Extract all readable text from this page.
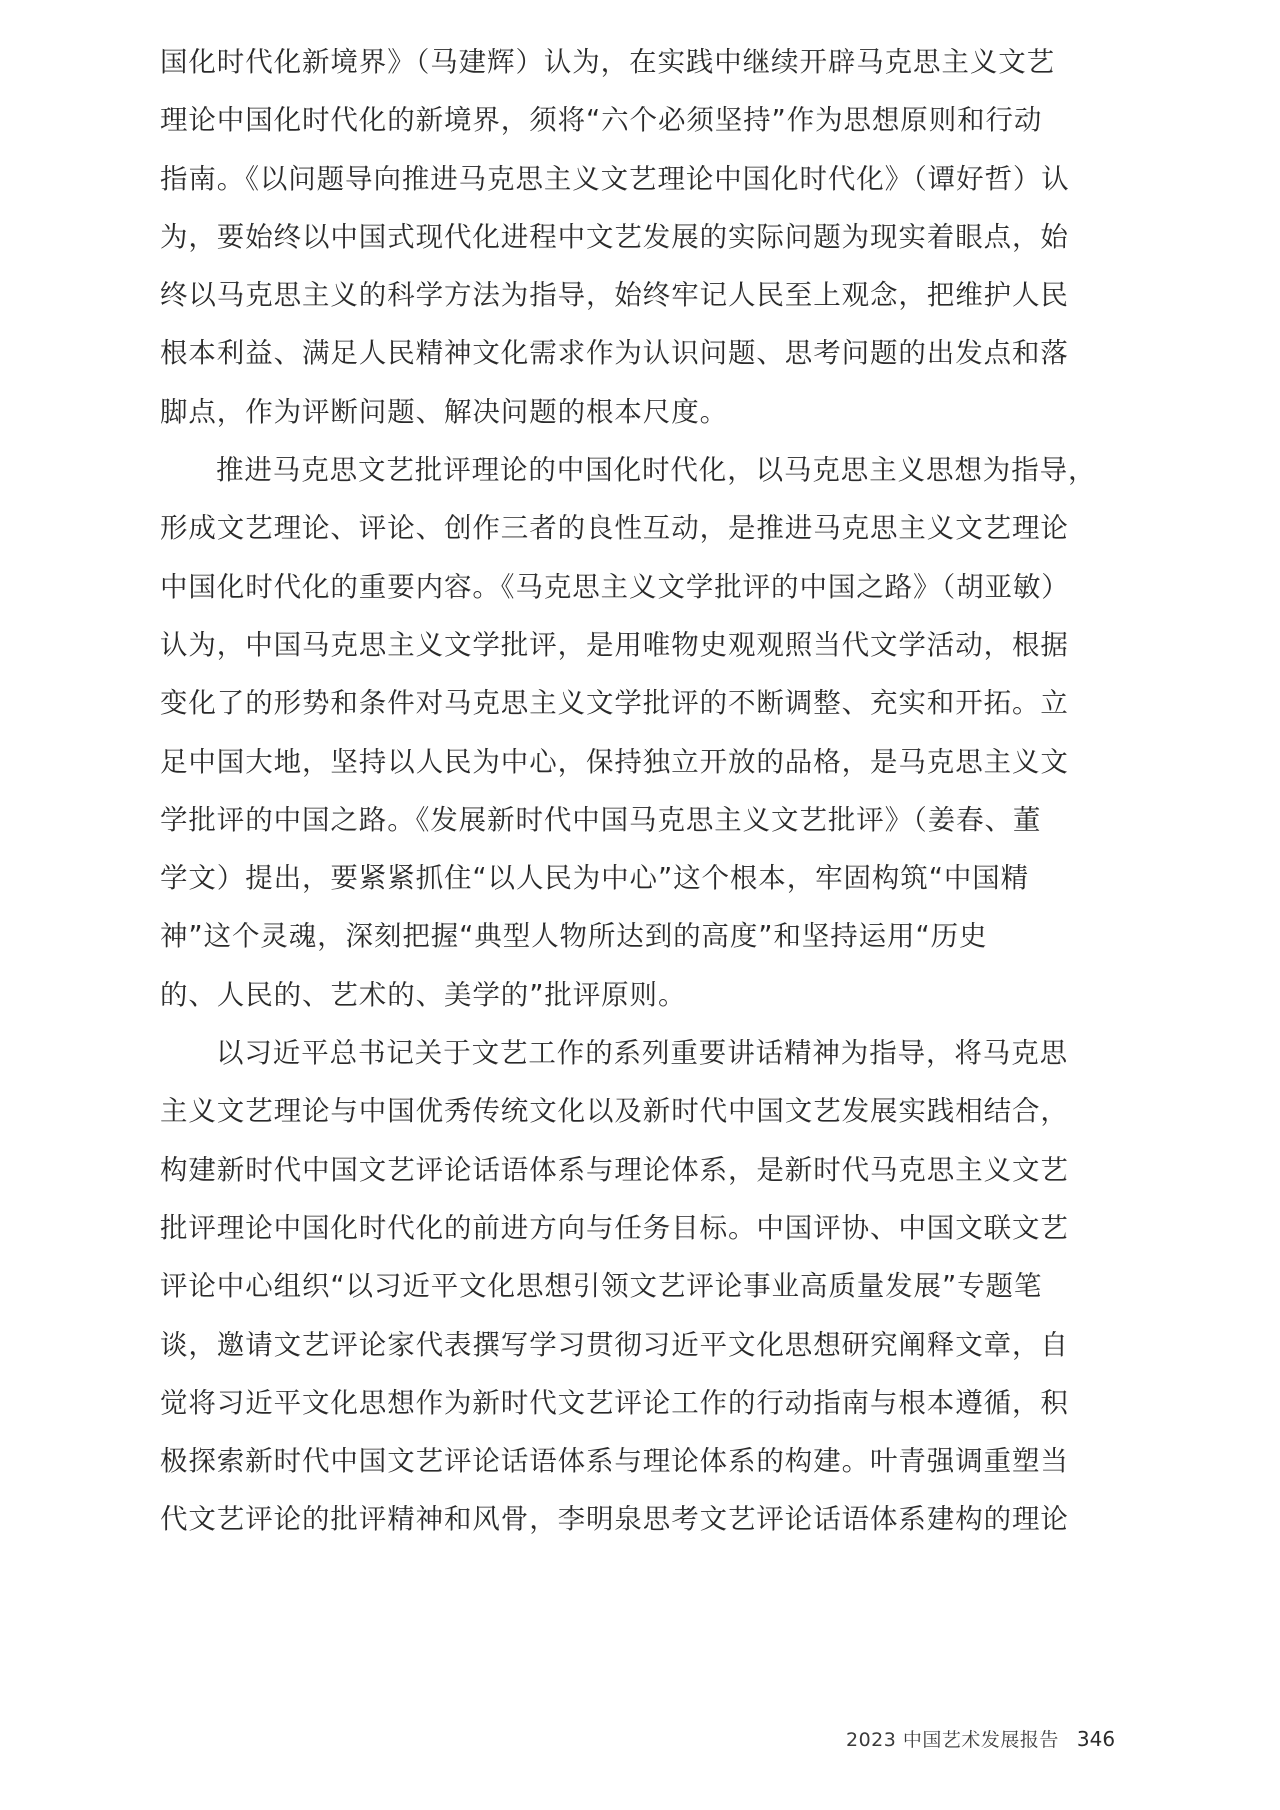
国化时代化新境界》（马建辉）认为，在实践中继续开辟马克思主义文艺
理论中国化时代化的新境界，须将“六个必须坚持”作为思想原则和行动
指南。《以问题导向推进马克思主义文艺理论中国化时代化》（谭好哲）认
为，要始终以中国式现代化进程中文艺发展的实际问题为现实着眼点，始
终以马克思主义的科学方法为指导，始终牢记人民至上观念，把维护人民
根本利益、满足人民精神文化需求作为认识问题、思考问题的出发点和落
脚点，作为评断问题、解决问题的根本尺度。

推进马克思文艺批评理论的中国化时代化，以马克思主义思想为指导，
形成文艺理论、评论、创作三者的良性互动，是推进马克思主义文艺理论
中国化时代化的重要内容。《马克思主义文学批评的中国之路》（胡亚敏）
认为，中国马克思主义文学批评，是用唯物史观观照当代文学活动，根据
变化了的形势和条件对马克思主义文学批评的不断调整、充实和开拓。立
足中国大地，坚持以人民为中心，保持独立开放的品格，是马克思主义文
学批评的中国之路。《发展新时代中国马克思主义文艺批评》（姜春、董
学文）提出，要紧紧抓住“以人民为中心”这个根本，牢固构筑“中国精
神”这个灵魂，深刻把握“典型人物所达到的高度”和坚持运用“历史
的、人民的、艺术的、美学的”批评原则。

以习近平总书记关于文艺工作的系列重要讲话精神为指导，将马克思
主义文艺理论与中国优秀传统文化以及新时代中国文艺发展实践相结合，
构建新时代中国文艺评论话语体系与理论体系，是新时代马克思主义文艺
批评理论中国化时代化的前进方向与任务目标。中国评协、中国文联文艺
评论中心组织“以习近平文化思想引领文艺评论事业高质量发展”专题笔
谈，邀请文艺评论家代表撰写学习贯彻习近平文化思想研究阐释文章，自
觉将习近平文化思想作为新时代文艺评论工作的行动指南与根本遵循，积
极探索新时代中国文艺评论话语体系与理论体系的构建。叶青强调重塑当
代文艺评论的批评精神和风骨，李明泉思考文艺评论话语体系建构的理论

2023 中国艺术发展报告 346
